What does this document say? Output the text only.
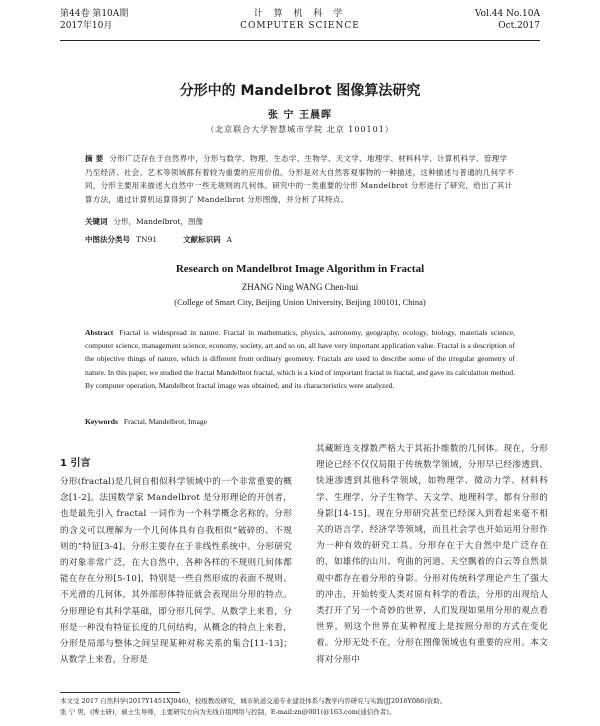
第44卷 第10A期
2017年10月
计 算 机 科 学
COMPUTER SCIENCE
Vol.44 No.10A
Oct.2017
分形中的 Mandelbrot 图像算法研究
张 宁 王晨晖
（北京联合大学智慧城市学院 北京 100101）
摘 要 分形广泛存在于自然界中，分形与数学、物理、生态学、生物学、天文学、地理学、材料科学、计算机科学、管理学乃至经济、社会、艺术等领域都有着较为重要的应用价值。分形是对大自然客观事物的一种描述，这种描述与普通的几何学不同，分形主要用来描述大自然中一些无规则的几何体。研究中的一类重要的分形 Mandelbrot 分形进行了研究，给出了其计算方法，通过计算机运算得到了 Mandelbrot 分形图像，并分析了其特点。
关键词 分形，Mandelbrot，图像
中图法分类号 TN91	文献标识码 A
Research on Mandelbrot Image Algorithm in Fractal
ZHANG Ning WANG Chen-hui
(College of Smart City, Beijing Union University, Beijing 100101, China)
Abstract Fractal is widespread in nature. Fractal in mathematics, physics, astronomy, geography, ecology, biology, materials science, computer science, management science, economy, society, art and so on, all have very important application value. Fractal is a description of the objective things of nature, which is different from ordinary geometry. Fractals are used to describe some of the irregular geometry of nature. In this paper, we studied the fractal Mandelbrot fractal, which is a kind of important fractal in fractal, and gave its calculation method. By computer operation, Mandelbrot fractal image was obtained, and its characteristics were analyzed.
Keywords Fractal, Mandelbrot, Image
1 引言
分形(fractal)是几何自相似科学领域中的一个非常重要的概念[1-2]。法国数学家 Mandelbrot 是分形理论的开创者，也是最先引入 fractal 一词作为一个科学概念名称的。分形的含义可以理解为一个几何体具有自我相似“破碎的、不规则的”特征[3-4]。分形主要存在于非线性系统中。分形研究的对象非常广泛，在大自然中，各种各样的不规则几何体都能在存在分形[5-10]，特别是一些自然形成的表面不规则、不光滑的几何体，其外部形体特征就会表现出分形的特点。分形理论有其科学基础，即分形几何学。从数学上来看，分形是一种没有特征长度的几何结构，从概念的特点上来看，分形是局部与整体之间呈现某种对称关系的集合[11-13]；从数学上来看，分形是
其藏断连支撑数严格大于其拓扑维数的几何体。现在，分形理论已经不仅仅局限于传统数学领域，分形早已经渗透到、快速渗透到其他科学领域，如物理学、微动力学、材料科学、生理学、分子生物学、天文学、地理科学，都有分形的身影[14-15]。现在分形研究甚至已经深入到看起来毫不相关的语言学、经济学等领域，而且社会学也开始运用分形作为一种有效的研究工具。分形存在于大自然中是广泛存在的，如雄伟的山川、弯曲的河道、天空飘着的白云等自然景观中都存在着分形的身影。分形对传统科学理论产生了强大的冲击，开始转变人类对原有科学的看法，分形的出现给人类打开了另一个奇妙的世界，人们发现如果用分形的观点看世界，则这个世界在某种程度上是按照分形的方式在变化着。分形无处不在，分形在图像领域也有重要的应用。本文将对分形中
本文受 2017 自然科学(2017Y1451XJ046)，校级教改研究，城市轨道交通专业建设体系与教学内容研究与实践(JJ2016Y086)资助。
张 宁 男，(博士研)，硕士生导师，主要研究方向为无线自组网络与控制，E-mail:zn@001(@163.com(通信作者)。
